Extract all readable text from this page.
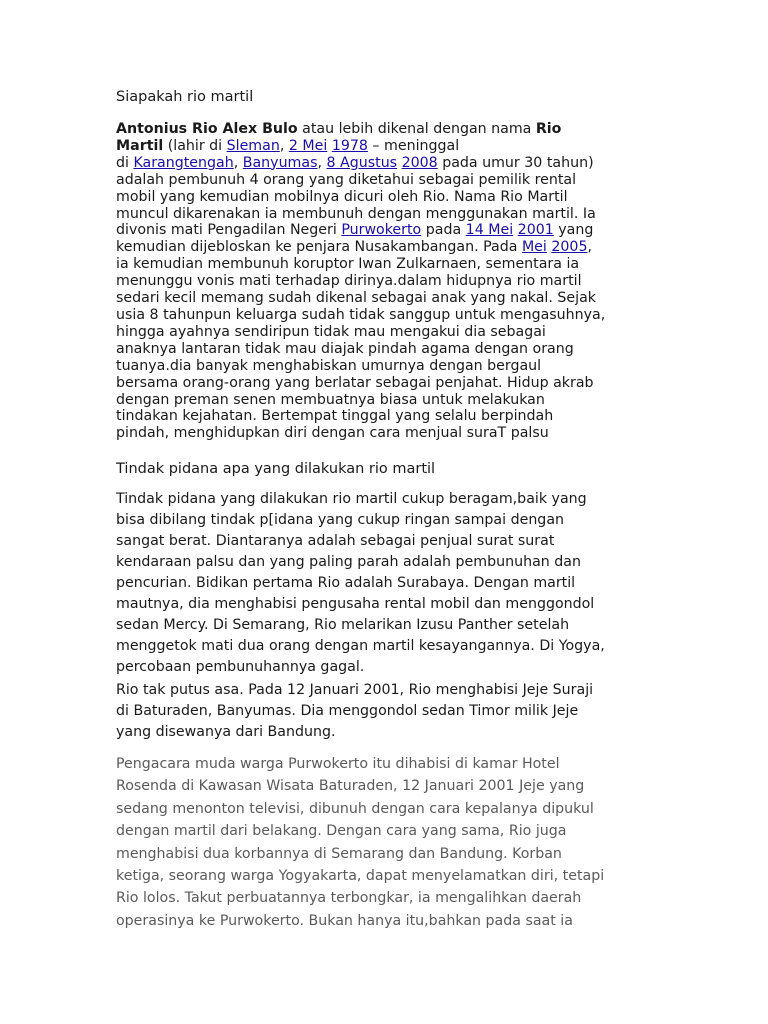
Siapakah rio martil
Antonius Rio Alex Bulo atau lebih dikenal dengan nama Rio
Martil (lahir di Sleman, 2 Mei 1978 – meninggal
di Karangtengah, Banyumas, 8 Agustus 2008 pada umur 30 tahun)
adalah pembunuh 4 orang yang diketahui sebagai pemilik rental
mobil yang kemudian mobilnya dicuri oleh Rio. Nama Rio Martil
muncul dikarenakan ia membunuh dengan menggunakan martil. Ia
divonis mati Pengadilan Negeri Purwokerto pada 14 Mei 2001 yang
kemudian dijebloskan ke penjara Nusakambangan. Pada Mei 2005,
ia kemudian membunuh koruptor Iwan Zulkarnaen, sementara ia
menunggu vonis mati terhadap dirinya.dalam hidupnya rio martil
sedari kecil memang sudah dikenal sebagai anak yang nakal. Sejak
usia 8 tahunpun keluarga sudah tidak sanggup untuk mengasuhnya,
hingga ayahnya sendiripun tidak mau mengakui dia sebagai
anaknya lantaran tidak mau diajak pindah agama dengan orang
tuanya.dia banyak menghabiskan umurnya dengan bergaul
bersama orang-orang yang berlatar sebagai penjahat. Hidup akrab
dengan preman senen membuatnya biasa untuk melakukan
tindakan kejahatan. Bertempat tinggal yang selalu berpindah
pindah, menghidupkan diri dengan cara menjual suraT palsu
Tindak pidana apa yang dilakukan rio martil
Tindak pidana yang dilakukan rio martil cukup beragam,baik yang
bisa dibilang tindak p[idana yang cukup ringan sampai dengan
sangat berat. Diantaranya adalah sebagai penjual surat surat
kendaraan palsu dan yang paling parah adalah pembunuhan dan
pencurian. Bidikan pertama Rio adalah Surabaya. Dengan martil
mautnya, dia menghabisi pengusaha rental mobil dan menggondol
sedan Mercy. Di Semarang, Rio melarikan Izusu Panther setelah
menggetok mati dua orang dengan martil kesayangannya. Di Yogya,
percobaan pembunuhannya gagal.
Rio tak putus asa. Pada 12 Januari 2001, Rio menghabisi Jeje Suraji
di Baturaden, Banyumas. Dia menggondol sedan Timor milik Jeje
yang disewanya dari Bandung.
Pengacara muda warga Purwokerto itu dihabisi di kamar Hotel
Rosenda di Kawasan Wisata Baturaden, 12 Januari 2001 Jeje yang
sedang menonton televisi, dibunuh dengan cara kepalanya dipukul
dengan martil dari belakang. Dengan cara yang sama, Rio juga
menghabisi dua korbannya di Semarang dan Bandung. Korban
ketiga, seorang warga Yogyakarta, dapat menyelamatkan diri, tetapi
Rio lolos. Takut perbuatannya terbongkar, ia mengalihkan daerah
operasinya ke Purwokerto. Bukan hanya itu,bahkan pada saat ia
